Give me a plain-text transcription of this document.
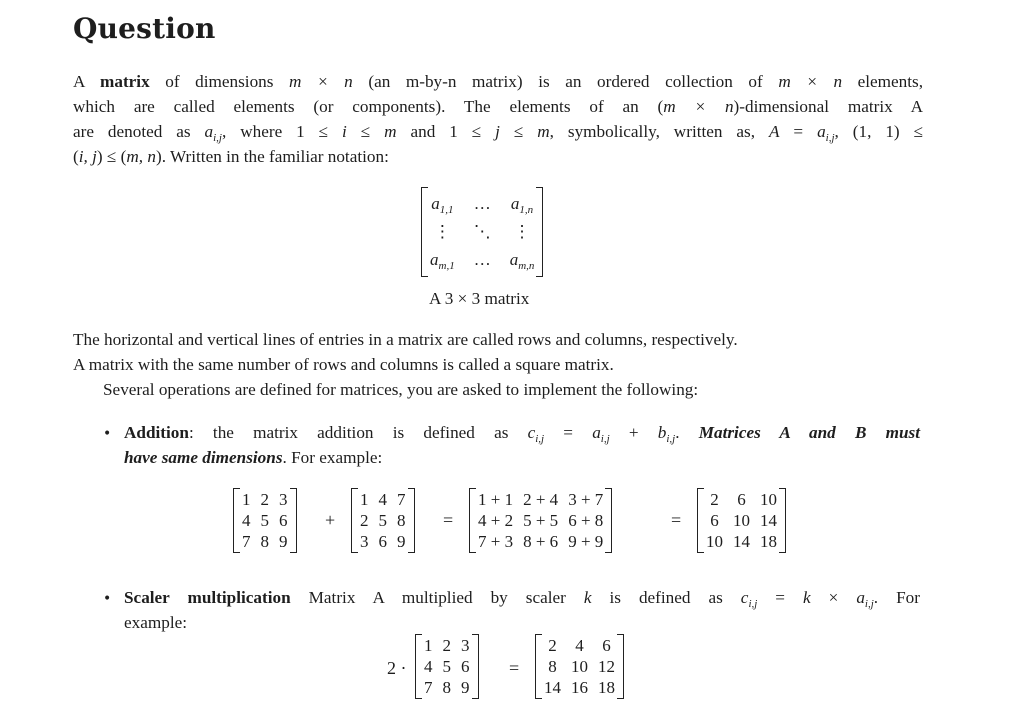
Question
A matrix of dimensions m × n (an m-by-n matrix) is an ordered collection of m × n elements,
which are called elements (or components). The elements of an (m × n)-dimensional matrix A
are denoted as $a_{i,j}$, where 1 ≤ i ≤ m and 1 ≤ j ≤ m, symbolically, written as, $A = a_{i,j}$, (1, 1) ≤
(i, j) ≤ (m, n). Written in the familiar notation:
$a_{1,1}$	…	$a_{1,n}$
⋮	⋱	⋮
$a_{m,1}$	…	$a_{m,n}$

A 3 × 3 matrix

The horizontal and vertical lines of entries in a matrix are called rows and columns, respectively.
A matrix with the same number of rows and columns is called a square matrix.
Several operations are defined for matrices, you are asked to implement the following:
• Addition: the matrix addition is defined as $c_{i,j} = a_{i,j} + b_{i,j}$. Matrices A and B must
have same dimensions. For example:
1	2	3
4	5	6
7	8	9
+
1	4	7
2	5	8
3	6	9
=
1 + 1	2 + 4	3 + 7
4 + 2	5 + 5	6 + 8
7 + 3	8 + 6	9 + 9
=
2	6	10
6	10	14
10	14	18
• Scaler multiplication Matrix A multiplied by scaler k is defined as $c_{i,j} = k \times a_{i,j}$. For
example:
2 ·
1	2	3
4	5	6
7	8	9
=
2	4	6
8	10	12
14	16	18
